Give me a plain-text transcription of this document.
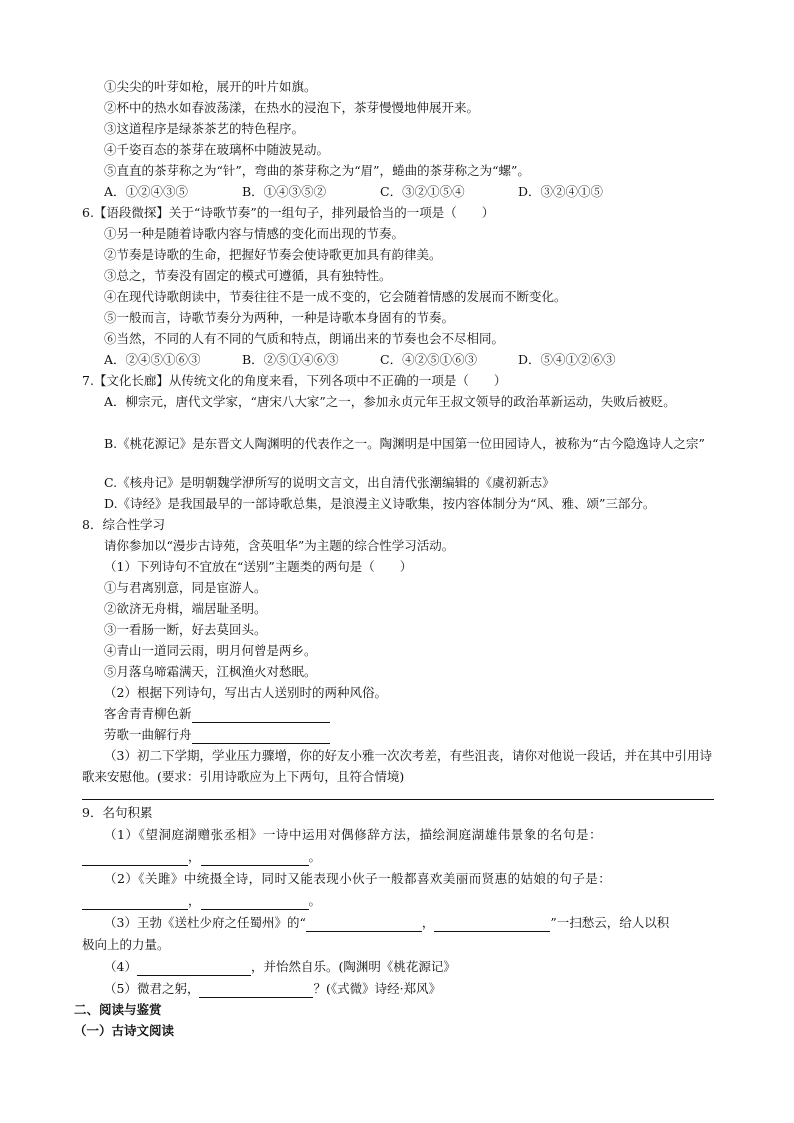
①尖尖的叶芽如枪，展开的叶片如旗。
②杯中的热水如春波荡漾，在热水的浸泡下，茶芽慢慢地伸展开来。
③这道程序是绿茶茶艺的特色程序。
④千姿百态的茶芽在玻璃杯中随波晃动。
⑤直直的茶芽称之为“针”，弯曲的茶芽称之为“眉”，蜷曲的茶芽称之为“螺”。
A．①②④③⑤	B．①④③⑤②	C．③②①⑤④	D．③②④①⑤
6.【语段微探】关于“诗歌节奏”的一组句子，排列最恰当的一项是（　　）
①另一种是随着诗歌内容与情感的变化而出现的节奏。
②节奏是诗歌的生命，把握好节奏会使诗歌更加具有韵律美。
③总之，节奏没有固定的模式可遵循，具有独特性。
④在现代诗歌朗读中，节奏往往不是一成不变的，它会随着情感的发展而不断变化。
⑤一般而言，诗歌节奏分为两种，一种是诗歌本身固有的节奏。
⑥当然，不同的人有不同的气质和特点，朗诵出来的节奏也会不尽相同。
A．②④⑤①⑥③	B．②⑤①④⑥③	C．④②⑤①⑥③	D．⑤④①②⑥③
7.【文化长廊】从传统文化的角度来看，下列各项中不正确的一项是（　　）
A．柳宗元，唐代文学家，“唐宋八大家”之一，参加永贞元年王叔文领导的政治革新运动，失败后被贬。
B.《桃花源记》是东晋文人陶渊明的代表作之一。陶渊明是中国第一位田园诗人，被称为“古今隐逸诗人之宗”
C.《核舟记》是明朝魏学洢所写的说明文言文，出自清代张潮编辑的《虞初新志》
D.《诗经》是我国最早的一部诗歌总集，是浪漫主义诗歌集，按内容体制分为“风、雅、颂”三部分。
8．综合性学习
请你参加以“漫步古诗苑，含英咀华”为主题的综合性学习活动。
（1）下列诗句不宜放在“送别”主题类的两句是（　　）
①与君离别意，同是宦游人。
②欲济无舟楫，端居耻圣明。
③一看肠一断，好去莫回头。
④青山一道同云雨，明月何曾是两乡。
⑤月落乌啼霜满天，江枫渔火对愁眠。
（2）根据下列诗句，写出古人送别时的两种风俗。
客舍青青柳色新
劳歌一曲解行舟
（3）初二下学期，学业压力骤增，你的好友小雅一次次考差，有些沮丧，请你对他说一段话，并在其中引用诗歌来安慰他。(要求：引用诗歌应为上下两句，且符合情境)
9．名句积累
（1）《望洞庭湖赠张丞相》一诗中运用对偶修辞方法，描绘洞庭湖雄伟景象的名句是：
，	。
（2）《关雎》中统摄全诗，同时又能表现小伙子一般都喜欢美丽而贤惠的姑娘的句子是：
，	。
（3）王勃《送杜少府之任蜀州》的“	，	”一扫愁云，给人以积
极向上的力量。
（4）	，并怡然自乐。(陶渊明《桃花源记》
（5）微君之躬，	？(《式微》诗经·郑风》
二、阅读与鉴赏
（一）古诗文阅读
